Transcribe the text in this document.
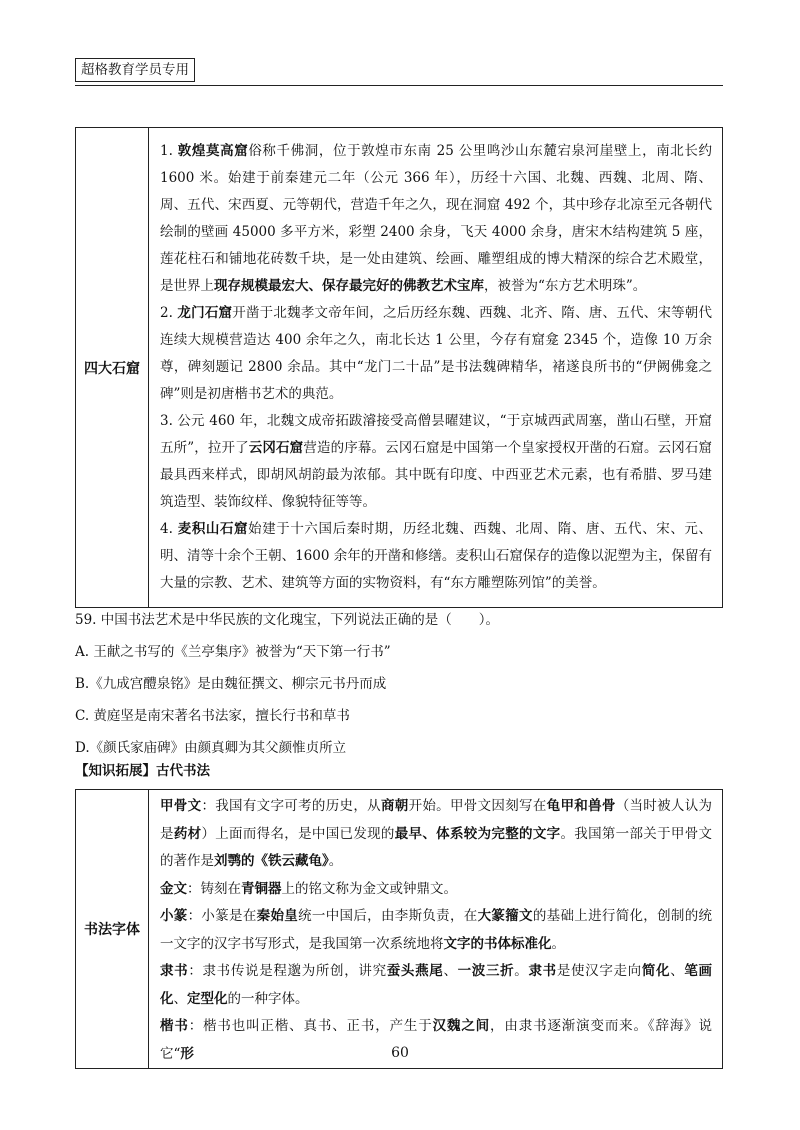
超格教育学员专用
四大石窟	

1. 敦煌莫高窟俗称千佛洞，位于敦煌市东南 25 公里鸣沙山东麓宕泉河崖壁上，南北长约 1600 米。始建于前秦建元二年（公元 366 年），历经十六国、北魏、西魏、北周、隋、周、五代、宋西夏、元等朝代，营造千年之久，现在洞窟 492 个，其中珍存北凉至元各朝代绘制的壁画 45000 多平方米，彩塑 2400 余身，飞天 4000 余身，唐宋木结构建筑 5 座，莲花柱石和铺地花砖数千块，是一处由建筑、绘画、雕塑组成的博大精深的综合艺术殿堂，是世界上现存规模最宏大、保存最完好的佛教艺术宝库，被誉为“东方艺术明珠”。

2. 龙门石窟开凿于北魏孝文帝年间，之后历经东魏、西魏、北齐、隋、唐、五代、宋等朝代连续大规模营造达 400 余年之久，南北长达 1 公里，今存有窟龛 2345 个，造像 10 万余尊，碑刻题记 2800 余品。其中“龙门二十品”是书法魏碑精华，褚遂良所书的“伊阙佛龛之碑”则是初唐楷书艺术的典范。

3. 公元 460 年，北魏文成帝拓跋濬接受高僧昙曜建议，“于京城西武周塞，凿山石壁，开窟五所”，拉开了云冈石窟营造的序幕。云冈石窟是中国第一个皇家授权开凿的石窟。云冈石窟最具西来样式，即胡风胡韵最为浓郁。其中既有印度、中西亚艺术元素，也有希腊、罗马建筑造型、装饰纹样、像貌特征等等。

4. 麦积山石窟始建于十六国后秦时期，历经北魏、西魏、北周、隋、唐、五代、宋、元、明、清等十余个王朝、1600 余年的开凿和修缮。麦积山石窟保存的造像以泥塑为主，保留有大量的宗教、艺术、建筑等方面的实物资料，有“东方雕塑陈列馆”的美誉。

59. 中国书法艺术是中华民族的文化瑰宝，下列说法正确的是（　　）。

A. 王献之书写的《兰亭集序》被誉为“天下第一行书”

B.《九成宫醴泉铭》是由魏征撰文、柳宗元书丹而成

C. 黄庭坚是南宋著名书法家，擅长行书和草书

D.《颜氏家庙碑》由颜真卿为其父颜惟贞所立

【知识拓展】古代书法
书法字体	

甲骨文：我国有文字可考的历史，从商朝开始。甲骨文因刻写在龟甲和兽骨（当时被人认为是药材）上面而得名，是中国已发现的最早、体系较为完整的文字。我国第一部关于甲骨文的著作是刘鹗的《铁云藏龟》。

金文：铸刻在青铜器上的铭文称为金文或钟鼎文。

小篆：小篆是在秦始皇统一中国后，由李斯负责，在大篆籀文的基础上进行简化，创制的统一文字的汉字书写形式，是我国第一次系统地将文字的书体标准化。

隶书：隶书传说是程邈为所创，讲究蚕头燕尾、一波三折。隶书是使汉字走向简化、笔画化、定型化的一种字体。

楷书：楷书也叫正楷、真书、正书，产生于汉魏之间，由隶书逐渐演变而来。《辞海》说它“形	60
